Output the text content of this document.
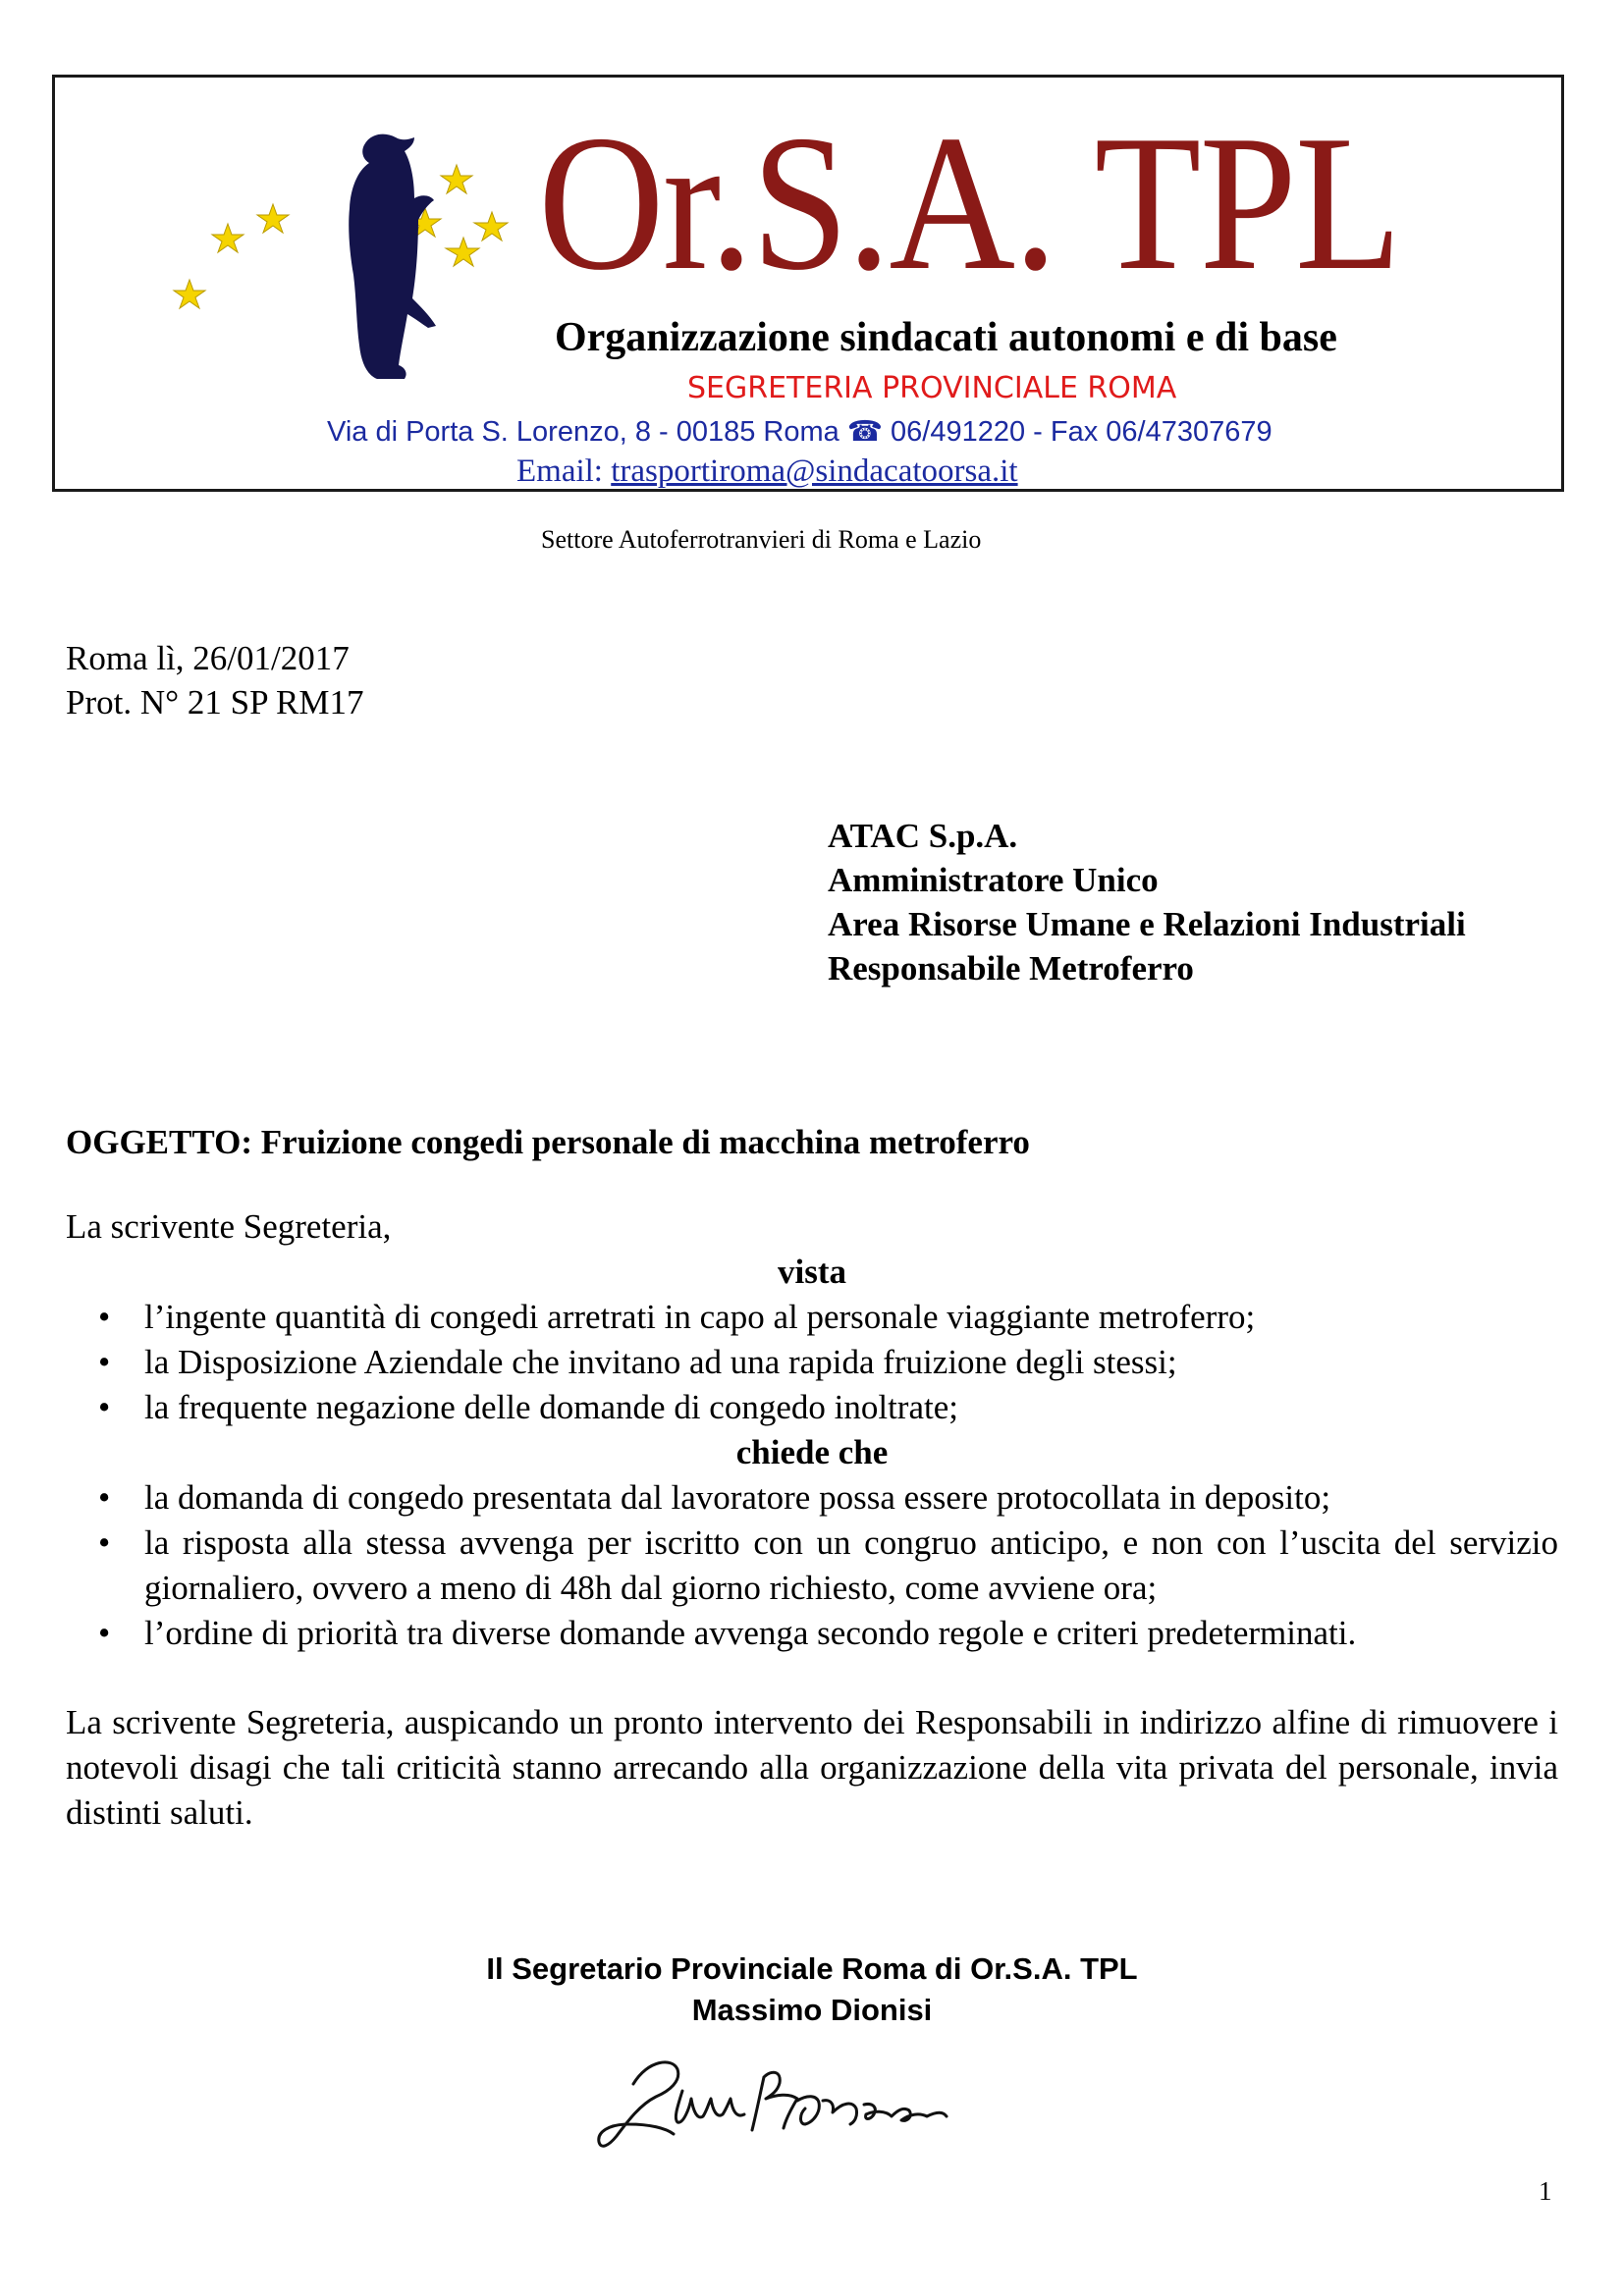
Or.S.A. TPL
Organizzazione sindacati autonomi e di base
SEGRETERIA PROVINCIALE ROMA
Via di Porta S. Lorenzo, 8 - 00185 Roma ☎ 06/491220 - Fax 06/47307679
Email: trasportiroma@sindacatoorsa.it
Settore Autoferrotranvieri di Roma e Lazio
Roma lì, 26/01/2017
Prot. N° 21 SP RM17
ATAC S.p.A.
Amministratore Unico
Area Risorse Umane e Relazioni Industriali
Responsabile Metroferro
OGGETTO: Fruizione congedi personale di macchina metroferro
La scrivente Segreteria,
vista
• l’ingente quantità di congedi arretrati in capo al personale viaggiante metroferro;
• la Disposizione Aziendale che invitano ad una rapida fruizione degli stessi;
• la frequente negazione delle domande di congedo inoltrate;
chiede che
• la domanda di congedo presentata dal lavoratore possa essere protocollata in deposito;
• la risposta alla stessa avvenga per iscritto con un congruo anticipo, e non con l’uscita del servizio giornaliero, ovvero a meno di 48h dal giorno richiesto, come avviene ora;
• l’ordine di priorità tra diverse domande avvenga secondo regole e criteri predeterminati.
La scrivente Segreteria, auspicando un pronto intervento dei Responsabili in indirizzo alfine di rimuovere i notevoli disagi che tali criticità stanno arrecando alla organizzazione della vita privata del personale, invia distinti saluti.
Il Segretario Provinciale Roma di Or.S.A. TPL
Massimo Dionisi
1
